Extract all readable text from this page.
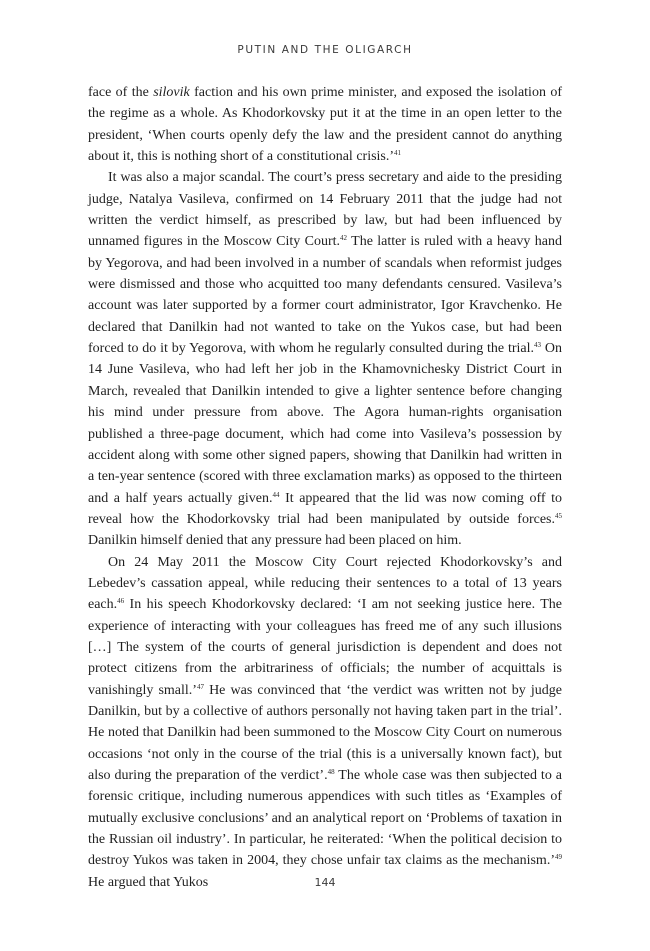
PUTIN AND THE OLIGARCH

face of the silovik faction and his own prime minister, and exposed the isolation of the regime as a whole. As Khodorkovsky put it at the time in an open letter to the president, ‘When courts openly defy the law and the president cannot do anything about it, this is nothing short of a constitutional crisis.’$^{41}$

It was also a major scandal. The court’s press secretary and aide to the presiding judge, Natalya Vasileva, confirmed on 14 February 2011 that the judge had not written the verdict himself, as prescribed by law, but had been influenced by unnamed figures in the Moscow City Court.$^{42}$ The latter is ruled with a heavy hand by Yegorova, and had been involved in a number of scandals when reformist judges were dismissed and those who acquitted too many defendants censured. Vasileva’s account was later supported by a former court administrator, Igor Kravchenko. He declared that Danilkin had not wanted to take on the Yukos case, but had been forced to do it by Yegorova, with whom he regularly consulted during the trial.$^{43}$ On 14 June Vasileva, who had left her job in the Khamovnichesky District Court in March, revealed that Danilkin intended to give a lighter sentence before changing his mind under pressure from above. The Agora human-rights organisation published a three-page document, which had come into Vasileva’s possession by accident along with some other signed papers, showing that Danilkin had written in a ten-year sentence (scored with three exclamation marks) as opposed to the thirteen and a half years actually given.$^{44}$ It appeared that the lid was now coming off to reveal how the Khodorkovsky trial had been manipulated by outside forces.$^{45}$ Danilkin himself denied that any pressure had been placed on him.

On 24 May 2011 the Moscow City Court rejected Khodorkovsky’s and Lebedev’s cassation appeal, while reducing their sentences to a total of 13 years each.$^{46}$ In his speech Khodorkovsky declared: ‘I am not seeking justice here. The experience of interacting with your colleagues has freed me of any such illusions […] The system of the courts of general jurisdiction is dependent and does not protect citizens from the arbitrariness of officials; the number of acquittals is vanishingly small.’$^{47}$ He was convinced that ‘the verdict was written not by judge Danilkin, but by a collective of authors personally not having taken part in the trial’. He noted that Danilkin had been summoned to the Moscow City Court on numerous occasions ‘not only in the course of the trial (this is a universally known fact), but also during the preparation of the verdict’.$^{48}$ The whole case was then subjected to a forensic critique, including numerous appendices with such titles as ‘Examples of mutually exclusive conclusions’ and an analytical report on ‘Problems of taxation in the Russian oil industry’. In particular, he reiterated: ‘When the political decision to destroy Yukos was taken in 2004, they chose unfair tax claims as the mechanism.’$^{49}$ He argued that Yukos	144
